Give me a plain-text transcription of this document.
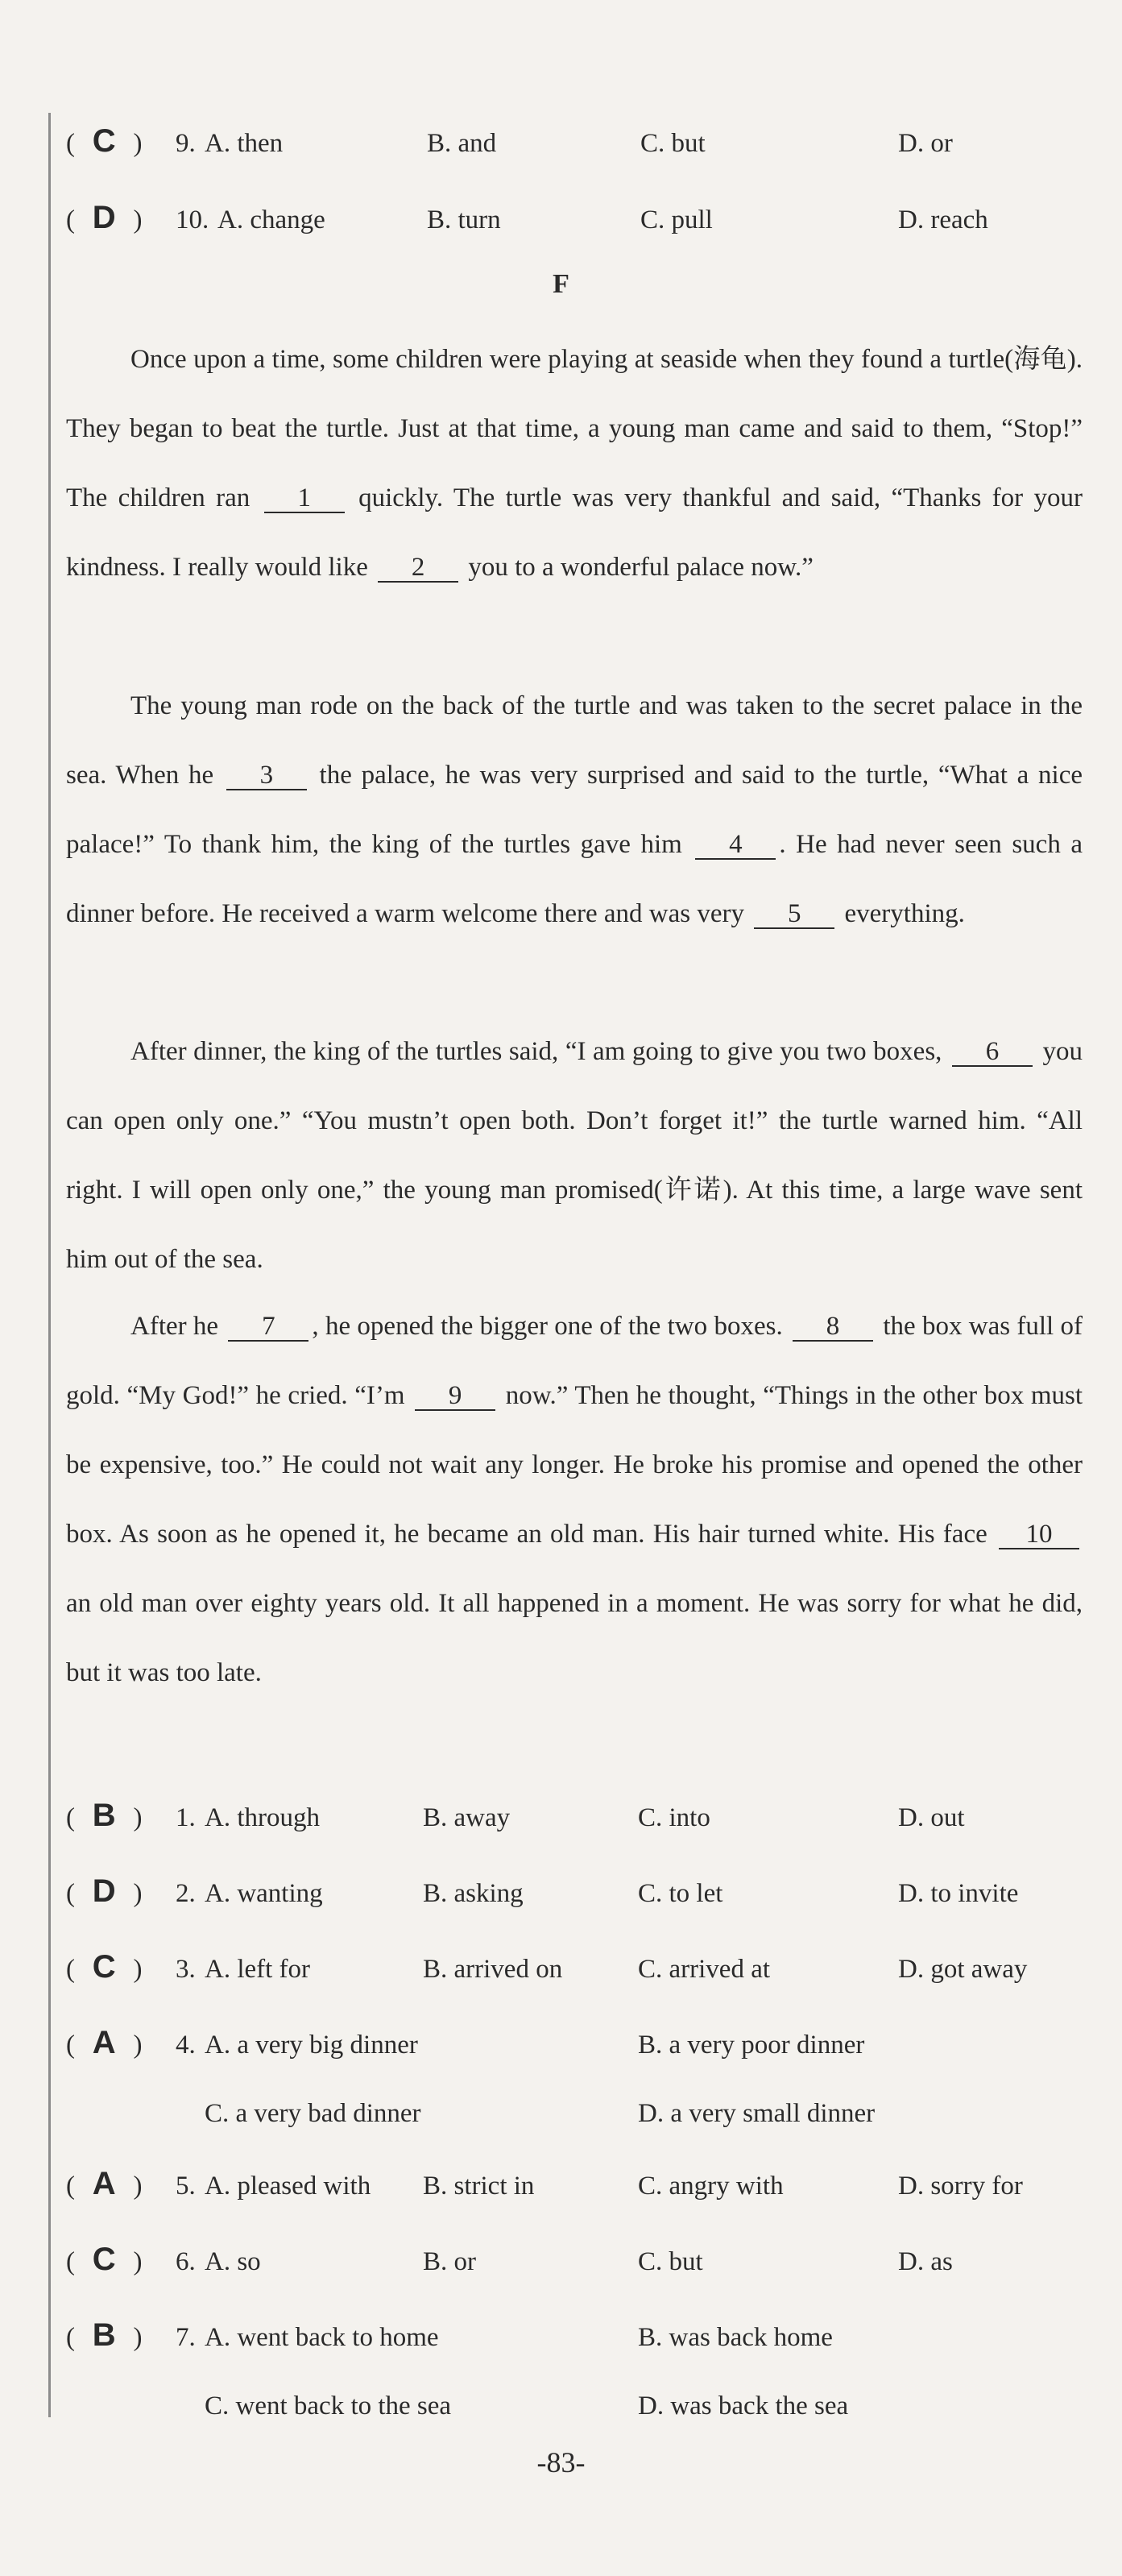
( C ) 9. A. then	B. and	C. but	D. or
( D ) 10. A. change	B. turn	C. pull	D. reach
F
Once upon a time, some children were playing at seaside when they found a turtle(海龟). They began to beat the turtle. Just at that time, a young man came and said to them, “Stop!” The children ran 1 quickly. The turtle was very thankful and said, “Thanks for your kindness. I really would like 2 you to a wonderful palace now.”
The young man rode on the back of the turtle and was taken to the secret palace in the sea. When he 3 the palace, he was very surprised and said to the turtle, “What a nice palace!” To thank him, the king of the turtles gave him 4 . He had never seen such a dinner before. He received a warm welcome there and was very 5 everything.
After dinner, the king of the turtles said, “I am going to give you two boxes, 6 you can open only one.” “You mustn’t open both. Don’t forget it!” the turtle warned him. “All right. I will open only one,” the young man promised(许诺). At this time, a large wave sent him out of the sea.
After he 7 , he opened the bigger one of the two boxes. 8 the box was full of gold. “My God!” he cried. “I’m 9 now.” Then he thought, “Things in the other box must be expensive, too.” He could not wait any longer. He broke his promise and opened the other box. As soon as he opened it, he became an old man. His hair turned white. His face 10 an old man over eighty years old. It all happened in a moment. He was sorry for what he did, but it was too late.
( B ) 1. A. through	B. away	C. into	D. out
( D ) 2. A. wanting	B. asking	C. to let	D. to invite
( C ) 3. A. left for	B. arrived on	C. arrived at	D. got away
( A ) 4. A. a very big dinner	B. a very poor dinner
C. a very bad dinner	D. a very small dinner
( A ) 5. A. pleased with B. strict in	C. angry with	D. sorry for
( C ) 6. A. so	B. or	C. but	D. as
( B ) 7. A. went back to home	B. was back home
C. went back to the sea	D. was back the sea
-83-
